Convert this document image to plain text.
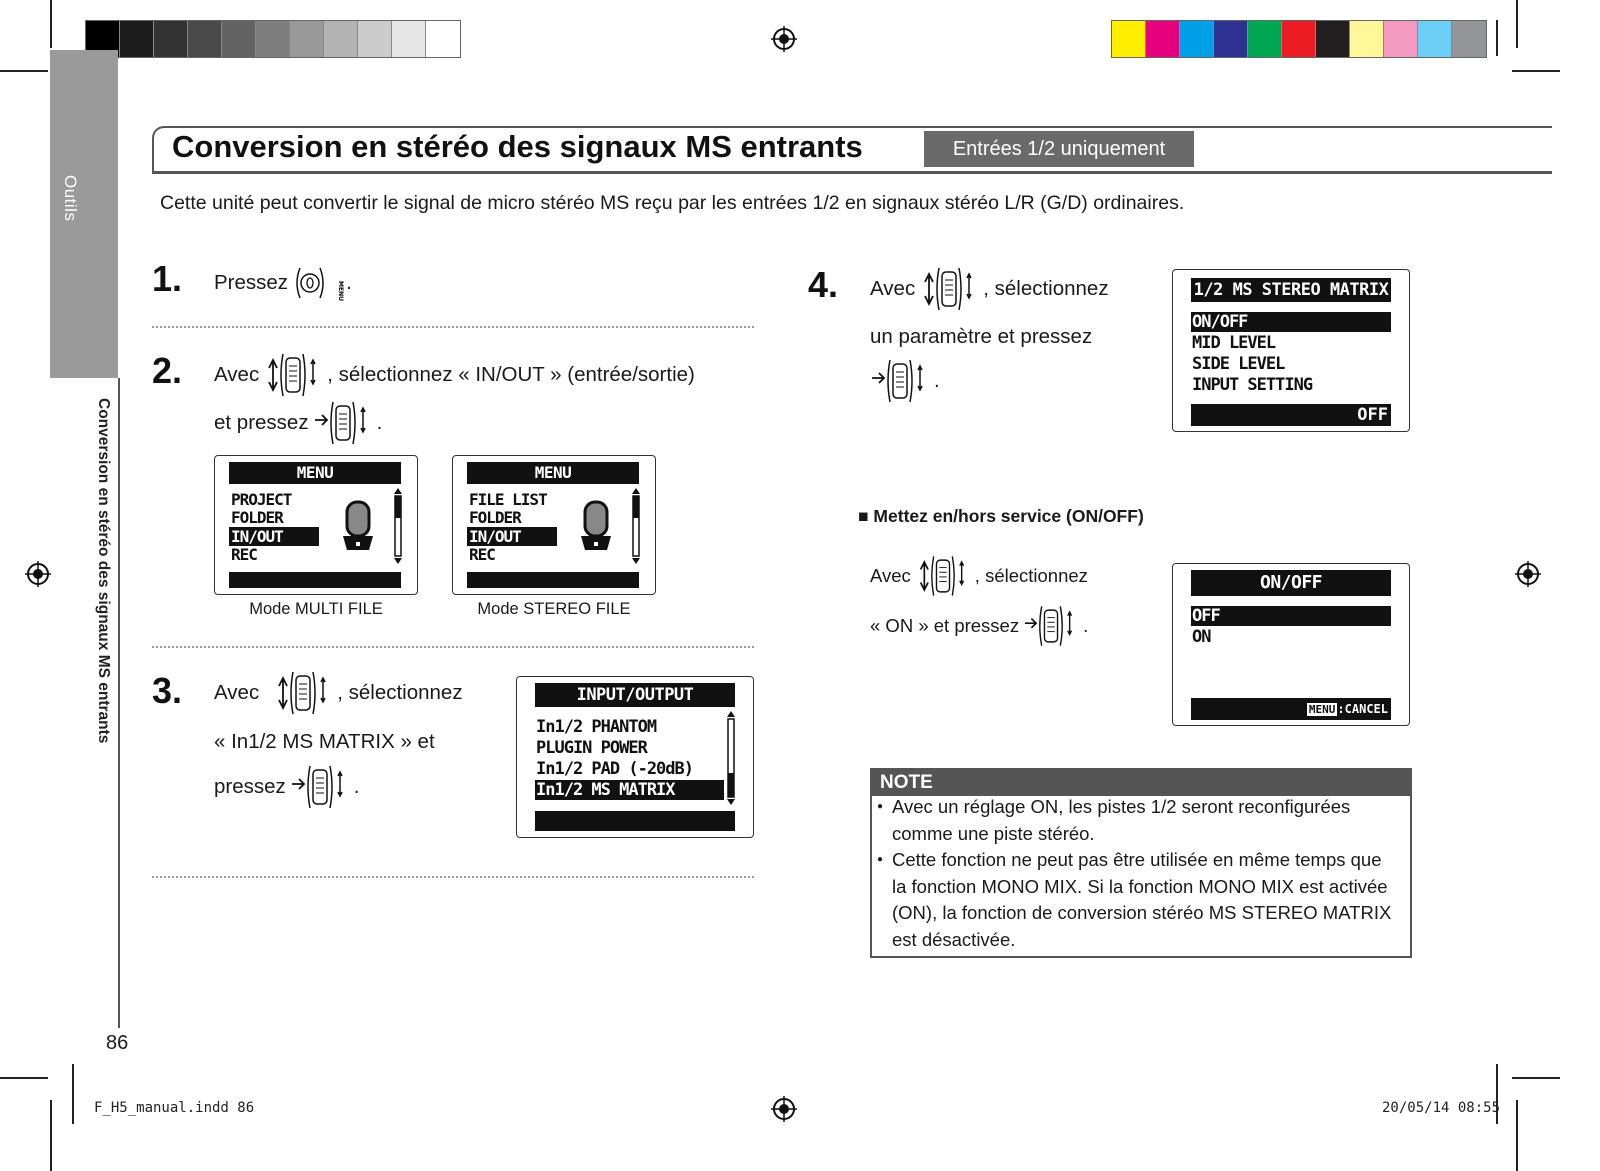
Outils
Conversion en stéréo des signaux MS entrants
86
Conversion en stéréo des signaux MS entrants	Entrées 1/2 uniquement
Cette unité peut convertir le signal de micro stéréo MS reçu par les entrées 1/2 en signaux stéréo L/R (G/D) ordinaires.
1. Pressez	MENU .
2. Avec	, sélectionnez « IN/OUT » (entrée/sortie)
et pressez	.
MENU
PROJECT
FOLDER
IN/OUT
REC
Mode MULTI FILE
MENU
FILE LIST
FOLDER
IN/OUT
REC
Mode STEREO FILE
3. Avec	, sélectionnez
« In1/2 MS MATRIX » et
pressez	.
INPUT/OUTPUT
In1/2 PHANTOM
PLUGIN POWER
In1/2 PAD (-20dB)
In1/2 MS MATRIX
4. Avec	, sélectionnez
un paramètre et pressez
.
1/2 MS STEREO MATRIX
ON/OFF
MID LEVEL
SIDE LEVEL
INPUT SETTING
OFF
■ Mettez en/hors service (ON/OFF)
Avec	, sélectionnez
« ON » et pressez	.
ON/OFF
OFF
ON
MENU :CANCEL
NOTE
● Avec un réglage ON, les pistes 1/2 seront reconfigurées comme une piste stéréo.
● Cette fonction ne peut pas être utilisée en même temps que la fonction MONO MIX. Si la fonction MONO MIX est activée (ON), la fonction de conversion stéréo MS STEREO MATRIX est désactivée.
F_H5_manual.indd 86	20/05/14 08:55
